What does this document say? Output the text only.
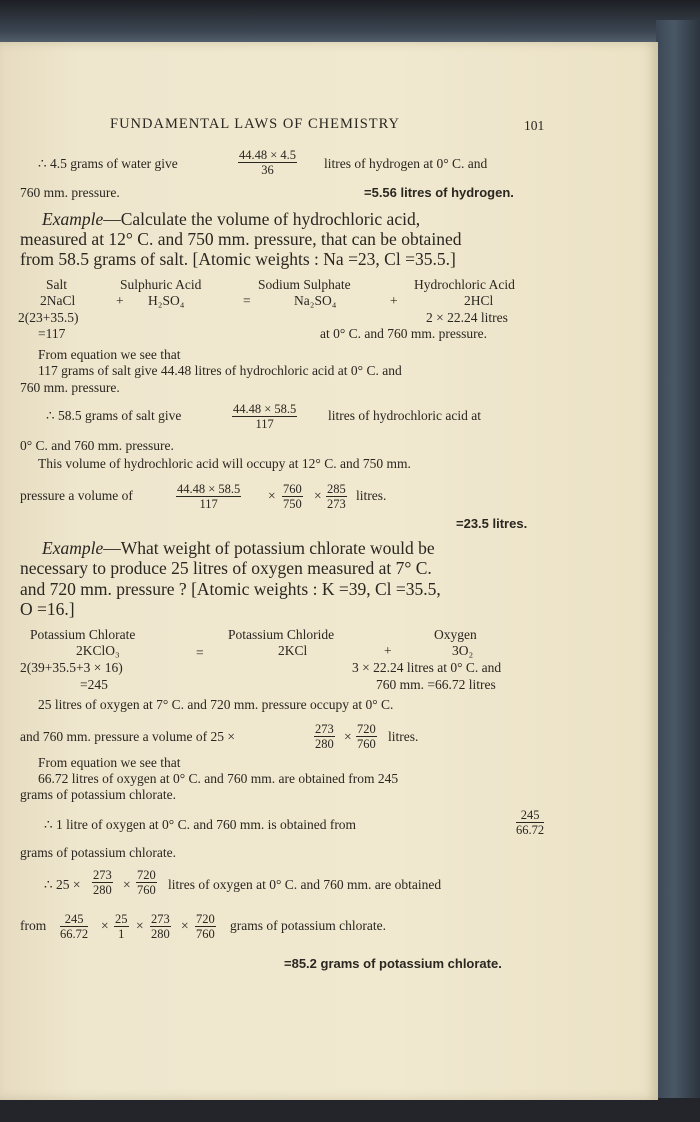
FUNDAMENTAL LAWS OF CHEMISTRY	101
∴ 4.5 grams of water give	$\frac{44.48 \times 4.5}{36}$ litres of hydrogen at 0° C. and
760 mm. pressure.	=5.56 litres of hydrogen.
Example—Calculate the volume of hydrochloric acid,
measured at 12° C. and 750 mm. pressure, that can be obtained
from 58.5 grams of salt. [Atomic weights : Na =23, Cl =35.5.]
Salt	Sulphuric Acid	Sodium Sulphate	Hydrochloric Acid
2NaCl	+ H₂SO₄	=	Na₂SO₄	+	2HCl
2(23+35.5)	2 × 22.24 litres
=117	at 0° C. and 760 mm. pressure.
From equation we see that
117 grams of salt give 44.48 litres of hydrochloric acid at 0° C. and
760 mm. pressure.
∴ 58.5 grams of salt give	$\frac{44.48 \times 58.5}{117}$ litres of hydrochloric acid at
0° C. and 760 mm. pressure.
This volume of hydrochloric acid will occupy at 12° C. and 750 mm.
pressure a volume of	$\frac{44.48 \times 58.5}{117} \times \frac{760}{750} \times \frac{285}{273}$ litres.
=23.5 litres.
Example—What weight of potassium chlorate would be
necessary to produce 25 litres of oxygen measured at 7° C.
and 720 mm. pressure ? [Atomic weights : K =39, Cl =35.5,
O =16.]
Potassium Chlorate	Potassium Chloride	Oxygen
2KClO₃	=	2KCl	+	3O₂
2(39+35.5+3 × 16)	3 × 22.24 litres at 0° C. and
=245	760 mm. =66.72 litres
25 litres of oxygen at 7° C. and 720 mm. pressure occupy at 0° C.
and 760 mm. pressure a volume of 25 ×	$\frac{273}{280} \times \frac{720}{760}$ litres.
From equation we see that
66.72 litres of oxygen at 0° C. and 760 mm. are obtained from 245
grams of potassium chlorate.
∴ 1 litre of oxygen at 0° C. and 760 mm. is obtained from	$\frac{245}{66.72}$
grams of potassium chlorate.
∴ $25 \times \frac{273}{280} \times \frac{720}{760}$ litres of oxygen at 0° C. and 760 mm. are obtained
from $\frac{245}{66.72} \times \frac{25}{1} \times \frac{273}{280} \times \frac{720}{760}$ grams of potassium chlorate.
=85.2 grams of potassium chlorate.
